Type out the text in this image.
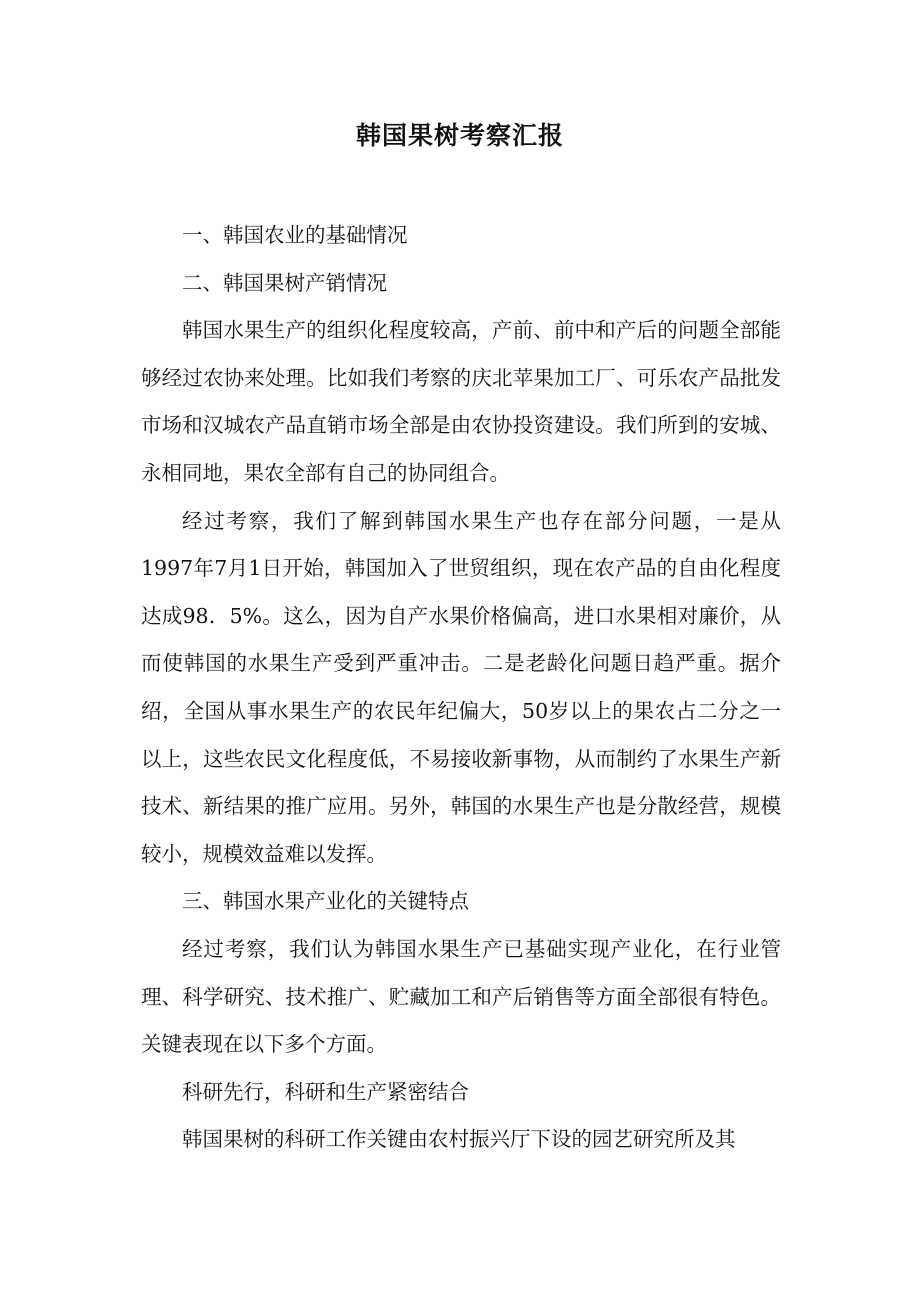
韩国果树考察汇报

一、韩国农业的基础情况

二、韩国果树产销情况

韩国水果生产的组织化程度较高，产前、前中和产后的问题全部能够经过农协来处理。比如我们考察的庆北苹果加工厂、可乐农产品批发市场和汉城农产品直销市场全部是由农协投资建设。我们所到的安城、永相同地，果农全部有自己的协同组合。

经过考察，我们了解到韩国水果生产也存在部分问题，一是从1997年7月1日开始，韩国加入了世贸组织，现在农产品的自由化程度达成98．5%。这么，因为自产水果价格偏高，进口水果相对廉价，从而使韩国的水果生产受到严重冲击。二是老龄化问题日趋严重。据介绍，全国从事水果生产的农民年纪偏大，50岁以上的果农占二分之一以上，这些农民文化程度低，不易接收新事物，从而制约了水果生产新技术、新结果的推广应用。另外，韩国的水果生产也是分散经营，规模较小，规模效益难以发挥。

三、韩国水果产业化的关键特点

经过考察，我们认为韩国水果生产已基础实现产业化，在行业管理、科学研究、技术推广、贮藏加工和产后销售等方面全部很有特色。关键表现在以下多个方面。

科研先行，科研和生产紧密结合

韩国果树的科研工作关键由农村振兴厅下设的园艺研究所及其
